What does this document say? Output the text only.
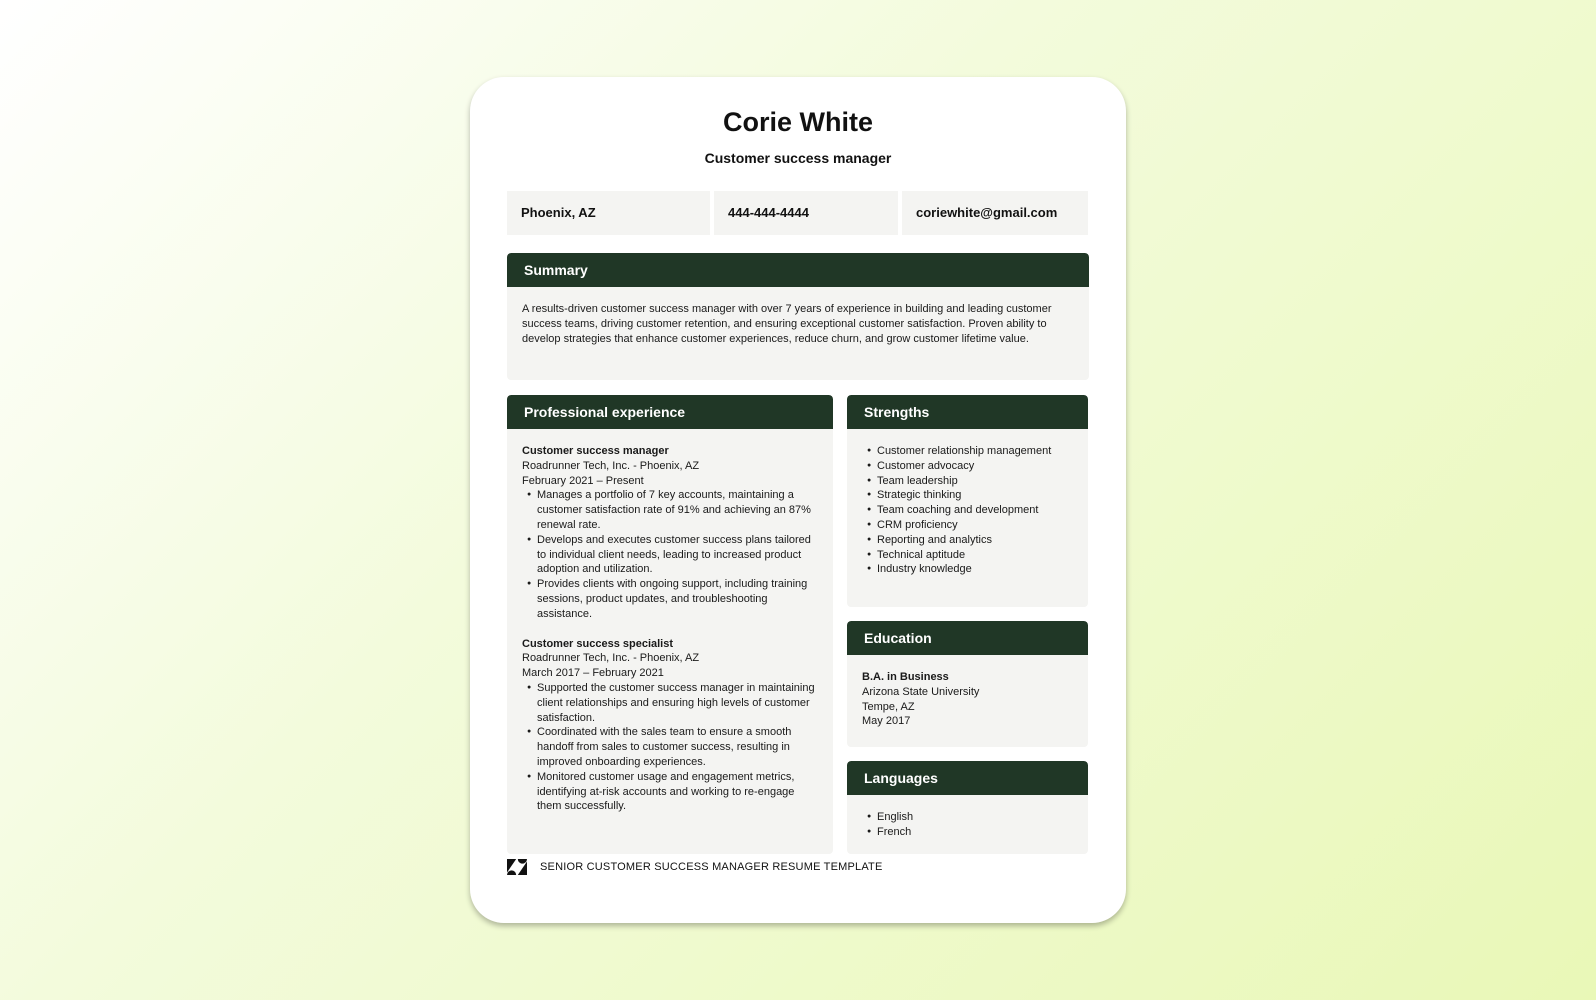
Corie White
Customer success manager
Phoenix, AZ	444-444-4444	coriewhite@gmail.com
Summary

A results-driven customer success manager with over 7 years of experience in building and leading customer success teams, driving customer retention, and ensuring exceptional customer satisfaction. Proven ability to develop strategies that enhance customer experiences, reduce churn, and grow customer lifetime value.

Professional experience
Customer success manager
Roadrunner Tech, Inc. - Phoenix, AZ
February 2021 – Present
● Manages a portfolio of 7 key accounts, maintaining a customer satisfaction rate of 91% and achieving an 87% renewal rate.
● Develops and executes customer success plans tailored to individual client needs, leading to increased product adoption and utilization.
● Provides clients with ongoing support, including training sessions, product updates, and troubleshooting assistance.
Customer success specialist
Roadrunner Tech, Inc. - Phoenix, AZ
March 2017 – February 2021
● Supported the customer success manager in maintaining client relationships and ensuring high levels of customer satisfaction.
● Coordinated with the sales team to ensure a smooth handoff from sales to customer success, resulting in improved onboarding experiences.
● Monitored customer usage and engagement metrics, identifying at-risk accounts and working to re-engage them successfully.
Strengths
● Customer relationship management
● Customer advocacy
● Team leadership
● Strategic thinking
● Team coaching and development
● CRM proficiency
● Reporting and analytics
● Technical aptitude
● Industry knowledge
Education
B.A. in Business
Arizona State University
Tempe, AZ
May 2017
Languages
● English
● French
SENIOR CUSTOMER SUCCESS MANAGER RESUME TEMPLATE
